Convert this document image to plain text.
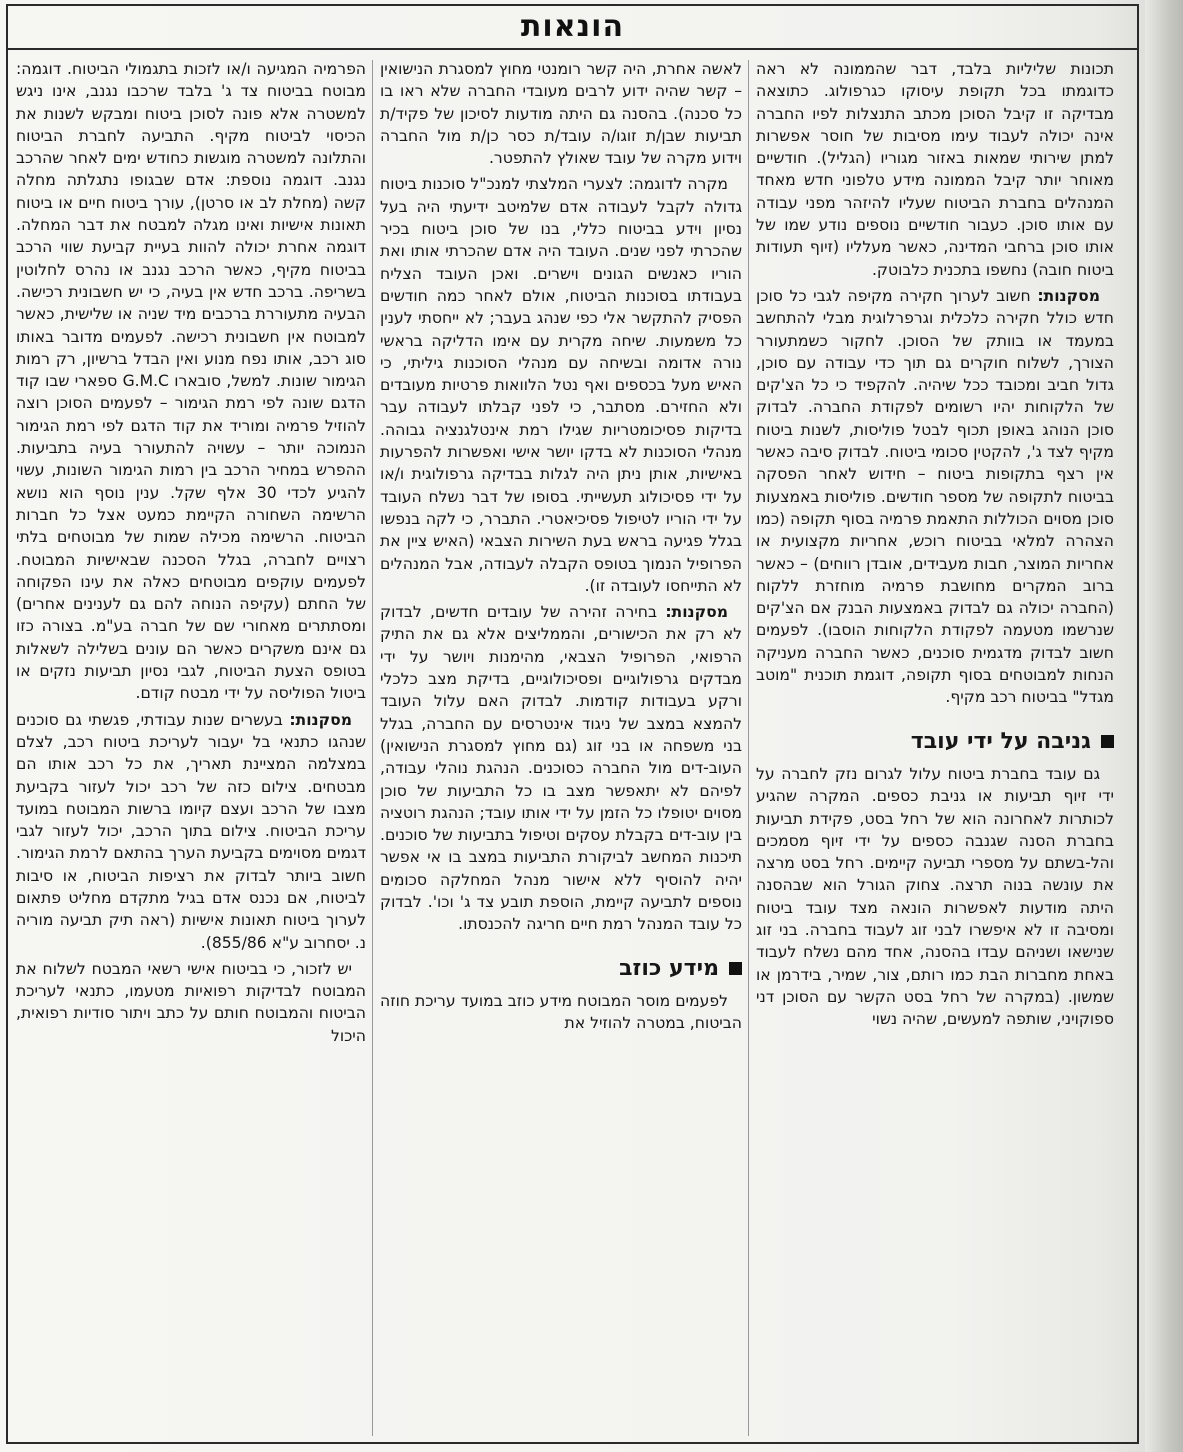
הונאות

תכונות שליליות בלבד, דבר שהממונה לא ראה כדוגמתו בכל תקופת עיסוקו כגרפולוג. כתוצאה מבדיקה זו קיבל הסוכן מכתב התנצלות לפיו החברה אינה יכולה לעבוד עימו מסיבות של חוסר אפשרות למתן שירותי שמאות באזור מגוריו (הגליל). חודשיים מאוחר יותר קיבל הממונה מידע טלפוני חדש מאחד המנהלים בחברת הביטוח שעליו להיזהר מפני עבודה עם אותו סוכן. כעבור חודשיים נוספים נודע שמו של אותו סוכן ברחבי המדינה, כאשר מעלליו (זיוף תעודות ביטוח חובה) נחשפו בתכנית כלבוטק.

מסקנות: חשוב לערוך חקירה מקיפה לגבי כל סוכן חדש כולל חקירה כלכלית וגרפרלוגית מבלי להתחשב במעמד או בוותק של הסוכן. לחקור כשמתעורר הצורך, לשלוח חוקרים גם תוך כדי עבודה עם סוכן, גדול חביב ומכובד ככל שיהיה. להקפיד כי כל הצ'קים של הלקוחות יהיו רשומים לפקודת החברה. לבדוק סוכן הנוהג באופן תכוף לבטל פוליסות, לשנות ביטוח מקיף לצד ג', להקטין סכומי ביטוח. לבדוק סיבה כאשר אין רצף בתקופות ביטוח – חידוש לאחר הפסקה בביטוח לתקופה של מספר חודשים. פוליסות באמצעות סוכן מסוים הכוללות התאמת פרמיה בסוף תקופה (כמו הצהרה למלאי בביטוח רוכש, אחריות מקצועית או אחריות המוצר, חבות מעבידים, אובדן רווחים) – כאשר ברוב המקרים מחושבת פרמיה מוחזרת ללקוח (החברה יכולה גם לבדוק באמצעות הבנק אם הצ'קים שנרשמו מטעמה לפקודת הלקוחות הוסבו). לפעמים חשוב לבדוק מדגמית סוכנים, כאשר החברה מעניקה הנחות למבוטחים בסוף תקופה, דוגמת תוכנית "מוטב מגדל" בביטוח רכב מקיף.

גניבה על ידי עובד

גם עובד בחברת ביטוח עלול לגרום נזק לחברה על ידי זיוף תביעות או גניבת כספים. המקרה שהגיע לכותרות לאחרונה הוא של רחל בסט, פקידת תביעות בחברת הסנה שגנבה כספים על ידי זיוף מסמכים והל-בשתם על מספרי תביעה קיימים. רחל בסט מרצה את עונשה בנוה תרצה. צחוק הגורל הוא שבהסנה היתה מודעות לאפשרות הונאה מצד עובד ביטוח ומסיבה זו לא איפשרו לבני זוג לעבוד בחברה. בני זוג שנישאו ושניהם עבדו בהסנה, אחד מהם נשלח לעבוד באחת מחברות הבת כמו רותם, צור, שמיר, בידרמן או שמשון. (במקרה של רחל בסט הקשר עם הסוכן דני ספוקויני, שותפה למעשים, שהיה נשוי

לאשה אחרת, היה קשר רומנטי מחוץ למסגרת הנישואין – קשר שהיה ידוע לרבים מעובדי החברה שלא ראו בו כל סכנה). בהסנה גם היתה מודעות לסיכון של פקיד/ת תביעות שבן/ת זוגו/ה עובד/ת כסר כן/ת מול החברה וידוע מקרה של עובד שאולץ להתפטר.

מקרה לדוגמה: לצערי המלצתי למנכ"ל סוכנות ביטוח גדולה לקבל לעבודה אדם שלמיטב ידיעתי היה בעל נסיון וידע בביטוח כללי, בנו של סוכן ביטוח בכיר שהכרתי לפני שנים. העובד היה אדם שהכרתי אותו ואת הוריו כאנשים הגונים וישרים. ואכן העובד הצליח בעבודתו בסוכנות הביטוח, אולם לאחר כמה חודשים הפסיק להתקשר אלי כפי שנהג בעבר; לא ייחסתי לענין כל משמעות. שיחה מקרית עם אימו הדליקה בראשי נורה אדומה ובשיחה עם מנהלי הסוכנות גיליתי, כי האיש מעל בכספים ואף נטל הלוואות פרטיות מעובדים ולא החזירם. מסתבר, כי לפני קבלתו לעבודה עבר בדיקות פסיכומטריות שגילו רמת אינטלגנציה גבוהה. מנהלי הסוכנות לא בדקו יושר אישי ואפשרות להפרעות באישיות, אותן ניתן היה לגלות בבדיקה גרפולוגית ו/או על ידי פסיכולוג תעשייתי. בסופו של דבר נשלח העובד על ידי הוריו לטיפול פסיכיאטרי. התברר, כי לקה בנפשו בגלל פגיעה בראש בעת השירות הצבאי (האיש ציין את הפרופיל הנמוך בטופס הקבלה לעבודה, אבל המנהלים לא התייחסו לעובדה זו).

מסקנות: בחירה זהירה של עובדים חדשים, לבדוק לא רק את הכישורים, והממליצים אלא גם את התיק הרפואי, הפרופיל הצבאי, מהימנות ויושר על ידי מבדקים גרפולוגיים ופסיכולוגיים, בדיקת מצב כלכלי ורקע בעבודות קודמות. לבדוק האם עלול העובד להמצא במצב של ניגוד אינטרסים עם החברה, בגלל בני משפחה או בני זוג (גם מחוץ למסגרת הנישואין) העוב-דים מול החברה כסוכנים. הנהגת נוהלי עבודה, לפיהם לא יתאפשר מצב בו כל התביעות של סוכן מסוים יטופלו כל הזמן על ידי אותו עובד; הנהגת רוטציה בין עוב-דים בקבלת עסקים וטיפול בתביעות של סוכנים. תיכנות המחשב לביקורת התביעות במצב בו אי אפשר יהיה להוסיף ללא אישור מנהל המחלקה סכומים נוספים לתביעה קיימת, הוספת תובע צד ג' וכו'. לבדוק כל עובד המנהל רמת חיים חריגה להכנסתו.

מידע כוזב

לפעמים מוסר המבוטח מידע כוזב במועד עריכת חוזה הביטוח, במטרה להוזיל את

הפרמיה המגיעה ו/או לזכות בתגמולי הביטוח. דוגמה: מבוטח בביטוח צד ג' בלבד שרכבו נגנב, אינו ניגש למשטרה אלא פונה לסוכן ביטוח ומבקש לשנות את הכיסוי לביטוח מקיף. התביעה לחברת הביטוח והתלונה למשטרה מוגשות כחודש ימים לאחר שהרכב נגנב. דוגמה נוספת: אדם שבגופו נתגלתה מחלה קשה (מחלת לב או סרטן), עורך ביטוח חיים או ביטוח תאונות אישיות ואינו מגלה למבטח את דבר המחלה. דוגמה אחרת יכולה להוות בעיית קביעת שווי הרכב בביטוח מקיף, כאשר הרכב נגנב או נהרס לחלוטין בשריפה. ברכב חדש אין בעיה, כי יש חשבונית רכישה. הבעיה מתעוררת ברכבים מיד שניה או שלישית, כאשר למבוטח אין חשבונית רכישה. לפעמים מדובר באותו סוג רכב, אותו נפח מנוע ואין הבדל ברשיון, רק רמות הגימור שונות. למשל, סובארו G.M.C ספארי שבו קוד הדגם שונה לפי רמת הגימור – לפעמים הסוכן רוצה להוזיל פרמיה ומוריד את קוד הדגם לפי רמת הגימור הנמוכה יותר – עשויה להתעורר בעיה בתביעות. ההפרש במחיר הרכב בין רמות הגימור השונות, עשוי להגיע לכדי 30 אלף שקל. ענין נוסף הוא נושא הרשימה השחורה הקיימת כמעט אצל כל חברות הביטוח. הרשימה מכילה שמות של מבוטחים בלתי רצויים לחברה, בגלל הסכנה שבאישיות המבוטח. לפעמים עוקפים מבוטחים כאלה את עינו הפקוחה של החתם (עקיפה הנוחה להם גם לענינים אחרים) ומסתתרים מאחורי שם של חברה בע"מ. בצורה כזו גם אינם משקרים כאשר הם עונים בשלילה לשאלות בטופס הצעת הביטוח, לגבי נסיון תביעות נזקים או ביטול הפוליסה על ידי מבטח קודם.

מסקנות: בעשרים שנות עבודתי, פגשתי גם סוכנים שנהגו כתנאי בל יעבור לעריכת ביטוח רכב, לצלם במצלמה המציינת תאריך, את כל רכב אותו הם מבטחים. צילום כזה של רכב יכול לעזור בקביעת מצבו של הרכב ועצם קיומו ברשות המבוטח במועד עריכת הביטוח. צילום בתוך הרכב, יכול לעזור לגבי דגמים מסוימים בקביעת הערך בהתאם לרמת הגימור. חשוב ביותר לבדוק את רציפות הביטוח, או סיבות לביטוח, אם נכנס אדם בגיל מתקדם מחליט פתאום לערוך ביטוח תאונות אישיות (ראה תיק תביעה מוריה נ. יסחרוב ע"א 855/86).

יש לזכור, כי בביטוח אישי רשאי המבטח לשלוח את המבוטח לבדיקות רפואיות מטעמו, כתנאי לעריכת הביטוח והמבוטח חותם על כתב ויתור סודיות רפואית, היכול
